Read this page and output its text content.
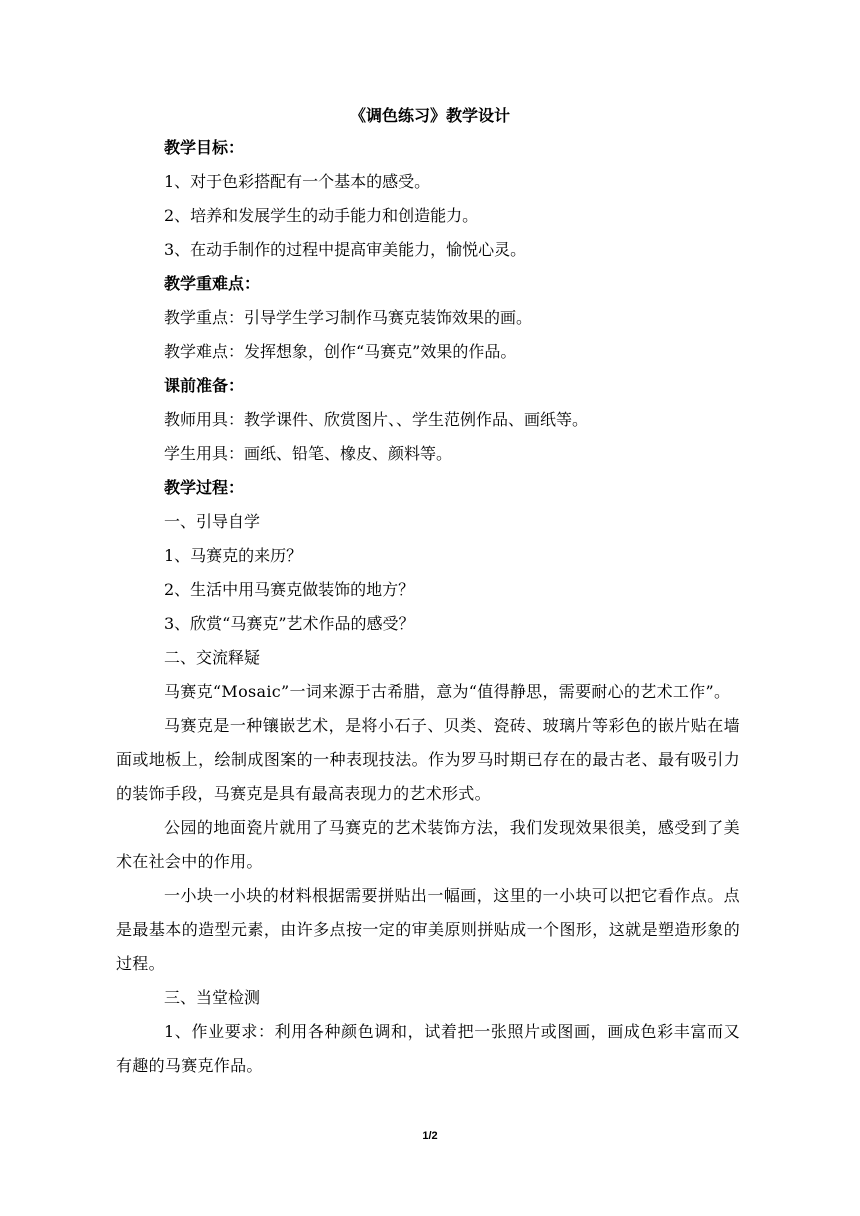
《调色练习》教学设计
教学目标：
1、对于色彩搭配有一个基本的感受。
2、培养和发展学生的动手能力和创造能力。
3、在动手制作的过程中提高审美能力，愉悦心灵。
教学重难点：
教学重点：引导学生学习制作马赛克装饰效果的画。
教学难点：发挥想象，创作“马赛克”效果的作品。
课前准备：
教师用具：教学课件、欣赏图片、、学生范例作品、画纸等。
学生用具：画纸、铅笔、橡皮、颜料等。
教学过程：
一、引导自学
1、马赛克的来历？
2、生活中用马赛克做装饰的地方？
3、欣赏“马赛克”艺术作品的感受？
二、交流释疑
马赛克“Mosaic”一词来源于古希腊，意为“值得静思，需要耐心的艺术工作”。
马赛克是一种镶嵌艺术，是将小石子、贝类、瓷砖、玻璃片等彩色的嵌片贴在墙面或地板上，绘制成图案的一种表现技法。作为罗马时期已存在的最古老、最有吸引力的装饰手段，马赛克是具有最高表现力的艺术形式。
公园的地面瓷片就用了马赛克的艺术装饰方法，我们发现效果很美，感受到了美术在社会中的作用。
一小块一小块的材料根据需要拼贴出一幅画，这里的一小块可以把它看作点。点是最基本的造型元素，由许多点按一定的审美原则拼贴成一个图形，这就是塑造形象的过程。
三、当堂检测
1、作业要求：利用各种颜色调和，试着把一张照片或图画，画成色彩丰富而又有趣的马赛克作品。
1/2
